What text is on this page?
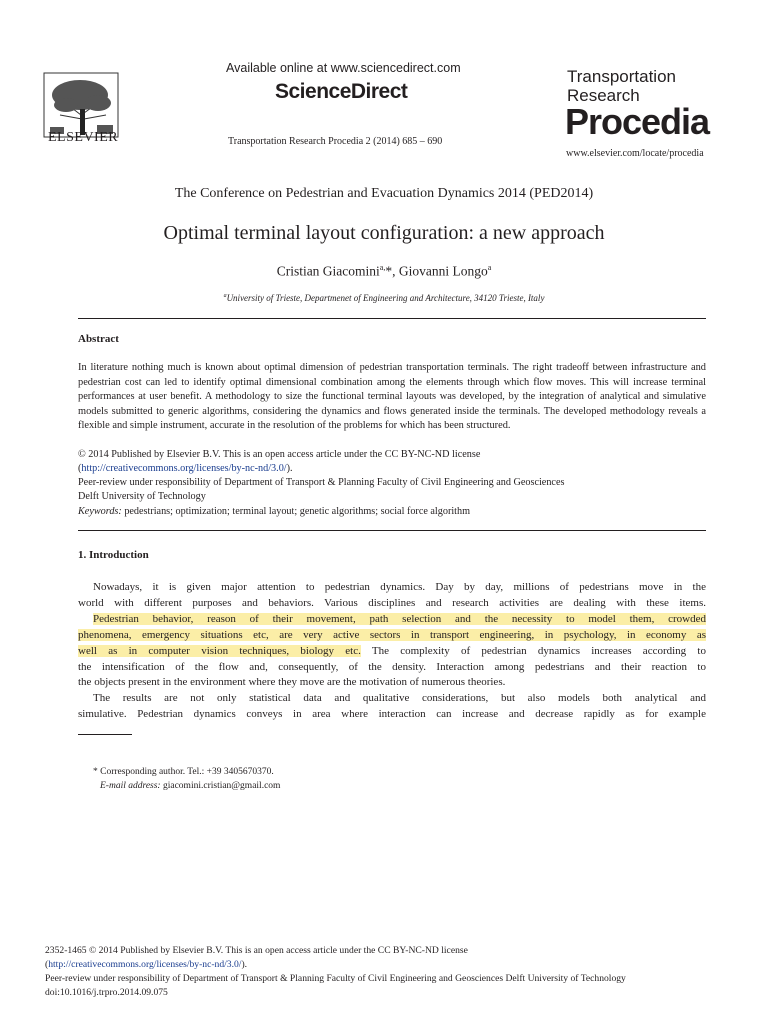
ELSEVIER
Available online at www.sciencedirect.com
ScienceDirect
Transportation Research Procedia 2 (2014) 685 – 690
Transportation
Research
Procedia
www.elsevier.com/locate/procedia
The Conference on Pedestrian and Evacuation Dynamics 2014 (PED2014)
Optimal terminal layout configuration: a new approach
Cristian Giacomini$^{a,}$*, Giovanni Longo$^a$
$^a$University of Trieste, Departmenet of Engineering and Architecture, 34120 Trieste, Italy
Abstract
In literature nothing much is known about optimal dimension of pedestrian transportation terminals. The right tradeoff between infrastructure and pedestrian cost can led to identify optimal dimensional combination among the elements through which flow moves. This will increase terminal performances at user benefit. A methodology to size the functional terminal layouts was developed, by the integration of analytical and simulative models submitted to generic algorithms, considering the dynamics and flows generated inside the terminals. The developed methodology reveals a flexible and simple instrument, accurate in the resolution of the problems for which has been structured.
© 2014 Published by Elsevier B.V. This is an open access article under the CC BY-NC-ND license
(http://creativecommons.org/licenses/by-nc-nd/3.0/).
Peer-review under responsibility of Department of Transport & Planning Faculty of Civil Engineering and Geosciences
Delft University of Technology
Keywords: pedestrians; optimization; terminal layout; genetic algorithms; social force algorithm
1. Introduction
Nowadays, it is given major attention to pedestrian dynamics. Day by day, millions of pedestrians move in the
world with different purposes and behaviors. Various disciplines and research activities are dealing with these items.
Pedestrian behavior, reason of their movement, path selection and the necessity to model them, crowded
phenomena, emergency situations etc, are very active sectors in transport engineering, in psychology, in economy as
well as in computer vision techniques, biology etc. The complexity of pedestrian dynamics increases according to
the intensification of the flow and, consequently, of the density. Interaction among pedestrians and their reaction to
the objects present in the environment where they move are the motivation of numerous theories.
The results are not only statistical data and qualitative considerations, but also models both analytical and
simulative. Pedestrian dynamics conveys in area where interaction can increase and decrease rapidly as for example
* Corresponding author. Tel.: +39 3405670370.
E-mail address: giacomini.cristian@gmail.com
2352-1465 © 2014 Published by Elsevier B.V. This is an open access article under the CC BY-NC-ND license
(http://creativecommons.org/licenses/by-nc-nd/3.0/).
Peer-review under responsibility of Department of Transport & Planning Faculty of Civil Engineering and Geosciences Delft University of Technology
doi:10.1016/j.trpro.2014.09.075
